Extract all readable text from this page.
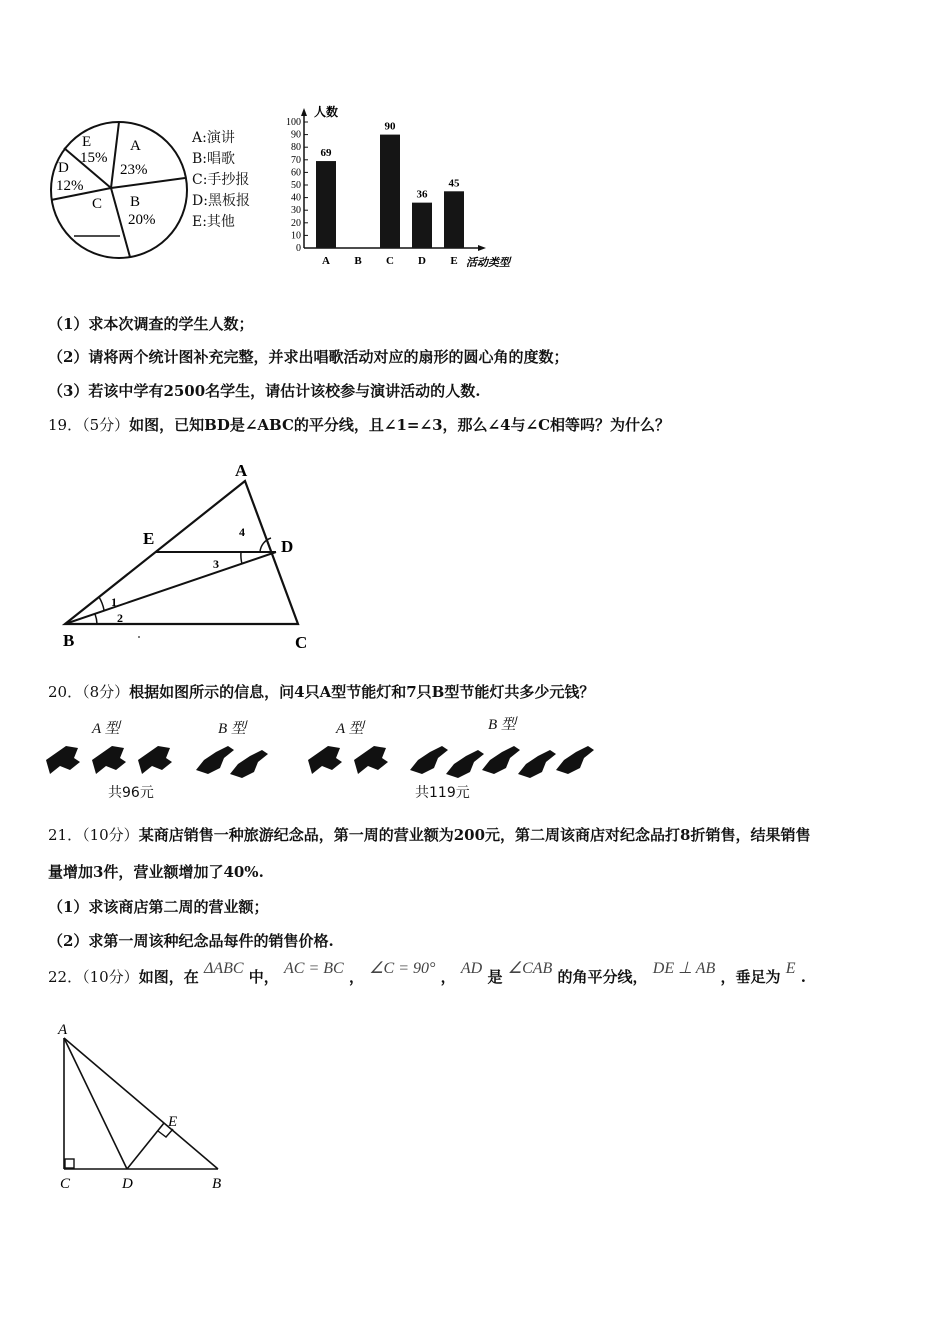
A
23%
B
20%
C
D
12%
E
15%
A:演讲
B:唱歌
C:手抄报
D:黑板报
E:其他
人数
活动类型
0
10
20
30
40
50
60
70
80
90
100
69
A B
90
C
36
D
45
E
（1）求本次调查的学生人数；
（2）请将两个统计图补充完整，并求出唱歌活动对应的扇形的圆心角的度数；
（3）若该中学有2500名学生，请估计该校参与演讲活动的人数.
19．（5分）如图，已知BD是∠ABC的平分线，且∠1=∠3，那么∠4与∠C相等吗？为什么？
A
B	C
D
E
1
2
3
4
20．（8分）根据如图所示的信息，问4只A型节能灯和7只B型节能灯共多少元钱？
A 型	B 型	A 型	B 型
共96元	共119元
21．（10分）某商店销售一种旅游纪念品，第一周的营业额为200元，第二周该商店对纪念品打8折销售，结果销售
量增加3件，营业额增加了40%.
（1）求该商店第二周的营业额；
（2）求第一周该种纪念品每件的销售价格.
22．（10分）如图，在 ΔABC 中， AC = BC ， ∠C = 90° ， AD 是 ∠CAB 的角平分线， DE ⊥ AB ，垂足为 E .
A
C	D	B
E
